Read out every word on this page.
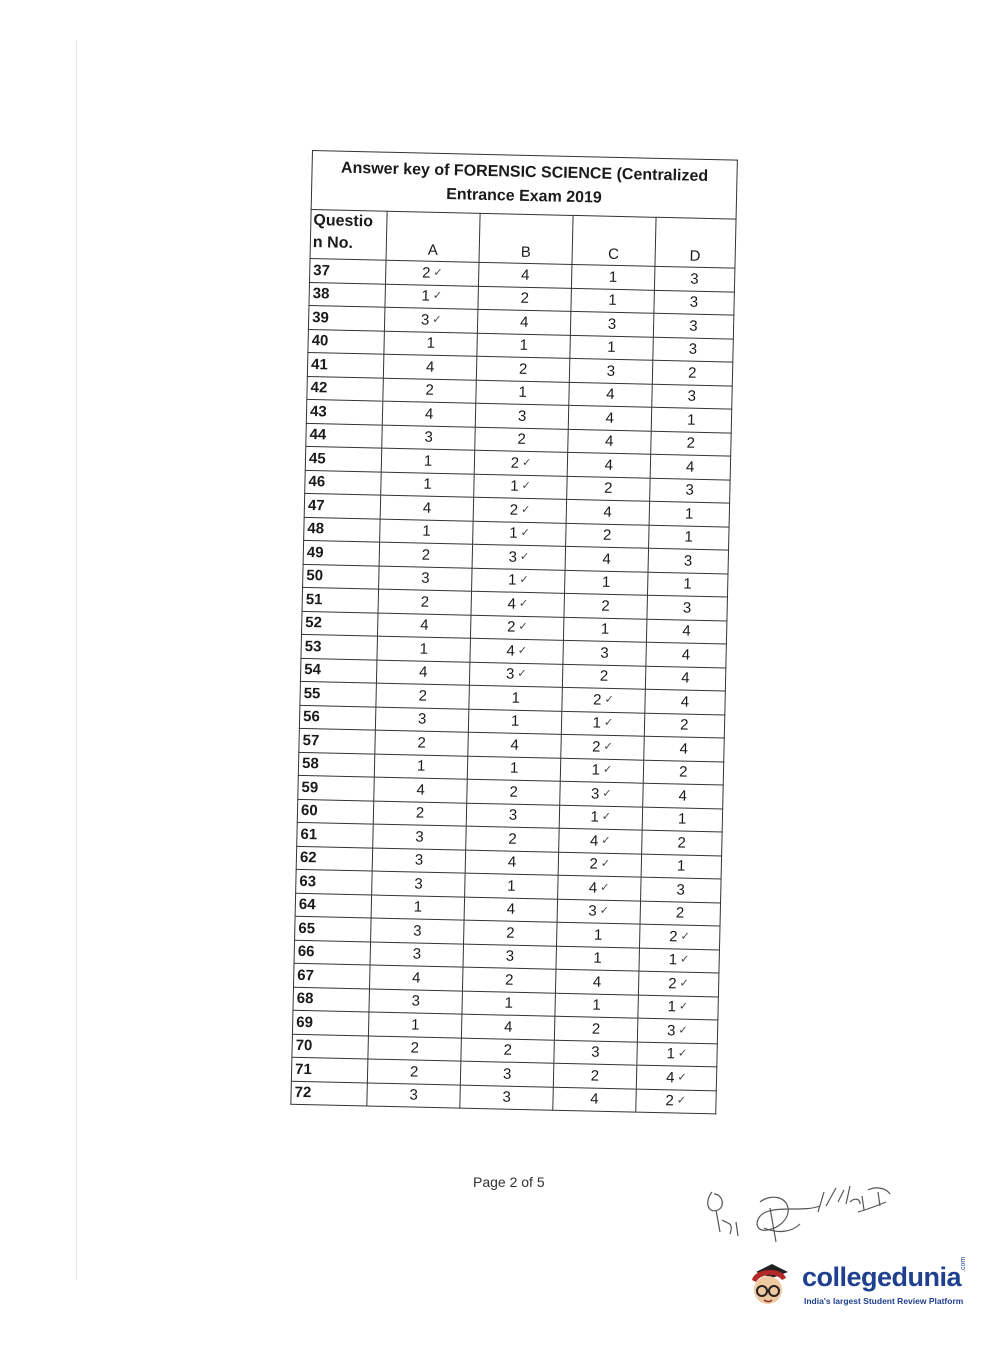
Answer key of FORENSIC SCIENCE (Centralized
Entrance Exam 2019				

Questio
n No.	A	B	C	D
37	2 ✓	4	1	3
38	1 ✓	2	1	3
39	3 ✓	4	3	3
40	1	1	1	3
41	4	2	3	2
42	2	1	4	3
43	4	3	4	1
44	3	2	4	2
45	1	2 ✓	4	4
46	1	1 ✓	2	3
47	4	2 ✓	4	1
48	1	1 ✓	2	1
49	2	3 ✓	4	3
50	3	1 ✓	1	1
51	2	4 ✓	2	3
52	4	2 ✓	1	4
53	1	4 ✓	3	4
54	4	3 ✓	2	4
55	2	1	2 ✓	4
56	3	1	1 ✓	2
57	2	4	2 ✓	4
58	1	1	1 ✓	2
59	4	2	3 ✓	4
60	2	3	1 ✓	1
61	3	2	4 ✓	2
62	3	4	2 ✓	1
63	3	1	4 ✓	3
64	1	4	3 ✓	2
65	3	2	1	2 ✓
66	3	3	1	1 ✓
67	4	2	4	2 ✓
68	3	1	1	1 ✓
69	1	4	2	3 ✓
70	2	2	3	1 ✓
71	2	3	2	4 ✓
72	3	3	4	2 ✓
Page 2 of 5
collegedunia
.com
India's largest Student Review Platform
